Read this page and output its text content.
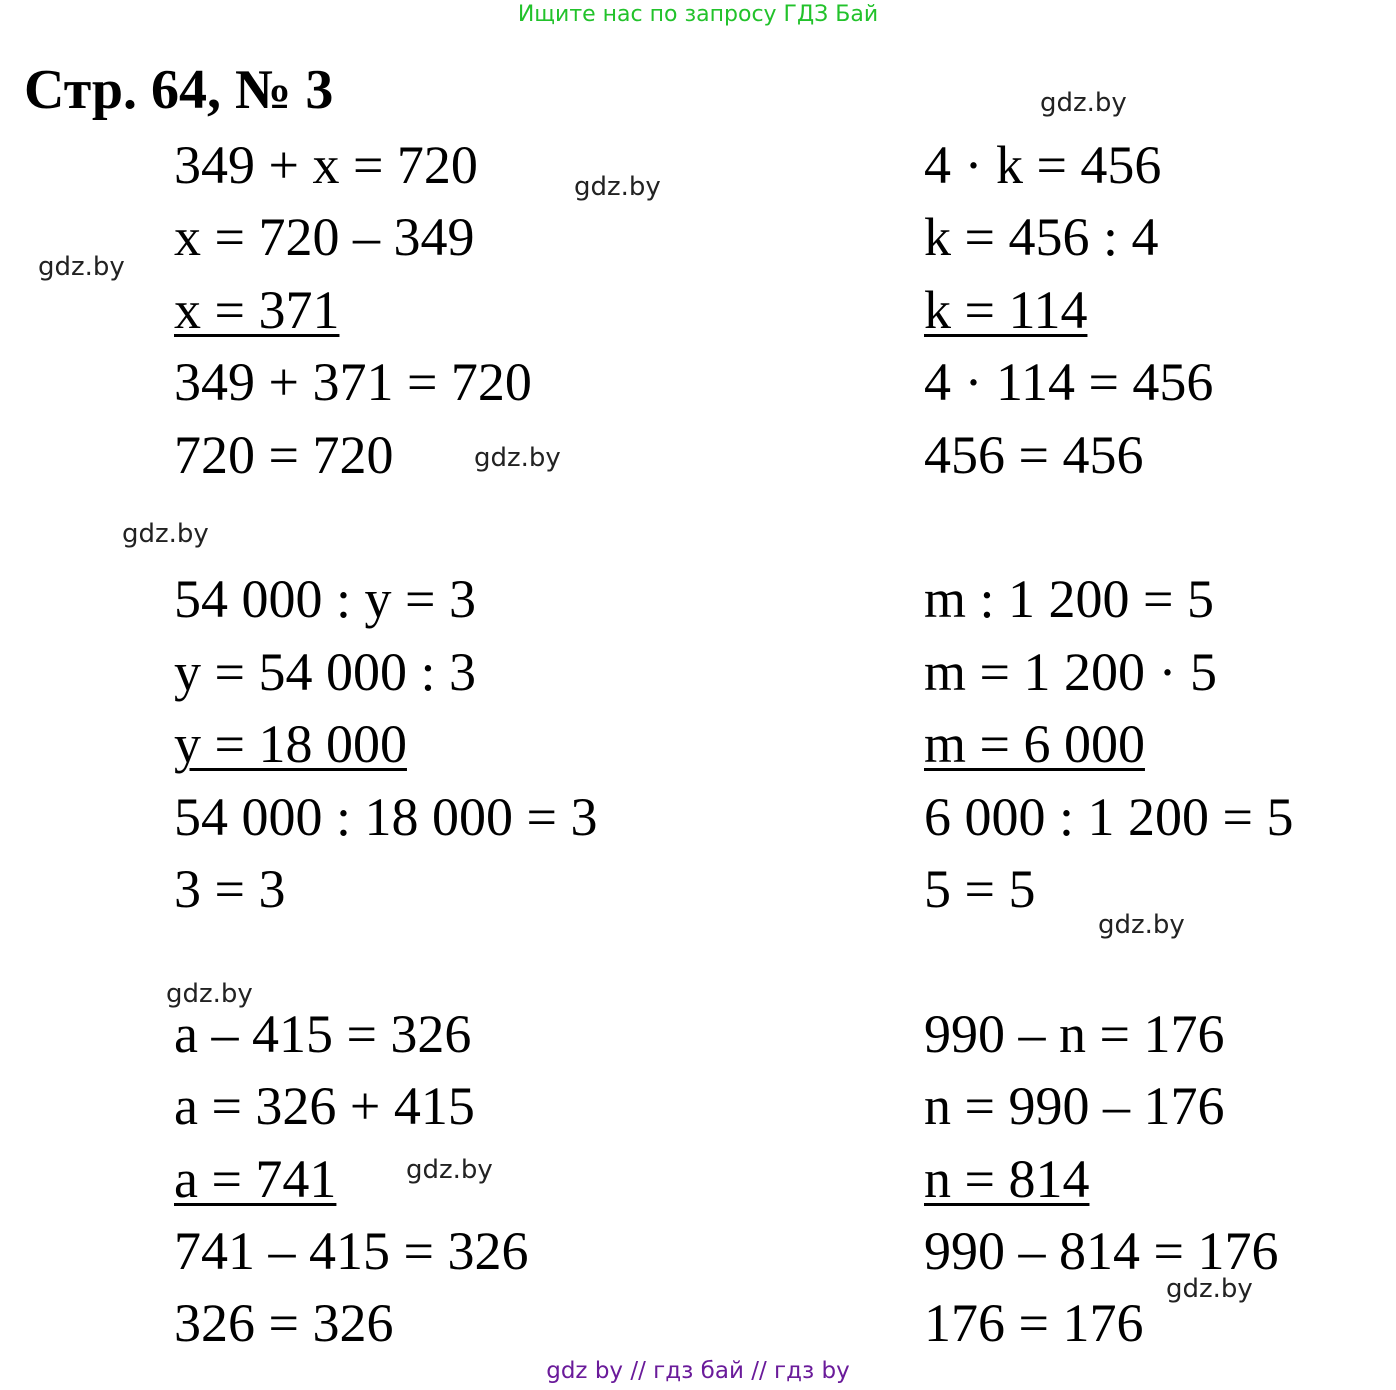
Ищите нас по запросу ГДЗ Бай
Стр. 64, № 3
349 + x = 720
x = 720 – 349
x = 371
349 + 371 = 720
720 = 720
4 · k = 456
k = 456 : 4
k = 114
4 · 114 = 456
456 = 456
54 000 : y = 3
y = 54 000 : 3
y = 18 000
54 000 : 18 000 = 3
3 = 3
m : 1 200 = 5
m = 1 200 · 5
m = 6 000
6 000 : 1 200 = 5
5 = 5
a – 415 = 326
a = 326 + 415
a = 741
741 – 415 = 326
326 = 326
990 – n = 176
n = 990 – 176
n = 814
990 – 814 = 176
176 = 176
gdz.by
gdz.by
gdz.by
gdz.by
gdz.by
gdz.by
gdz.by
gdz.by
gdz.by
gdz by // гдз бай // гдз by
